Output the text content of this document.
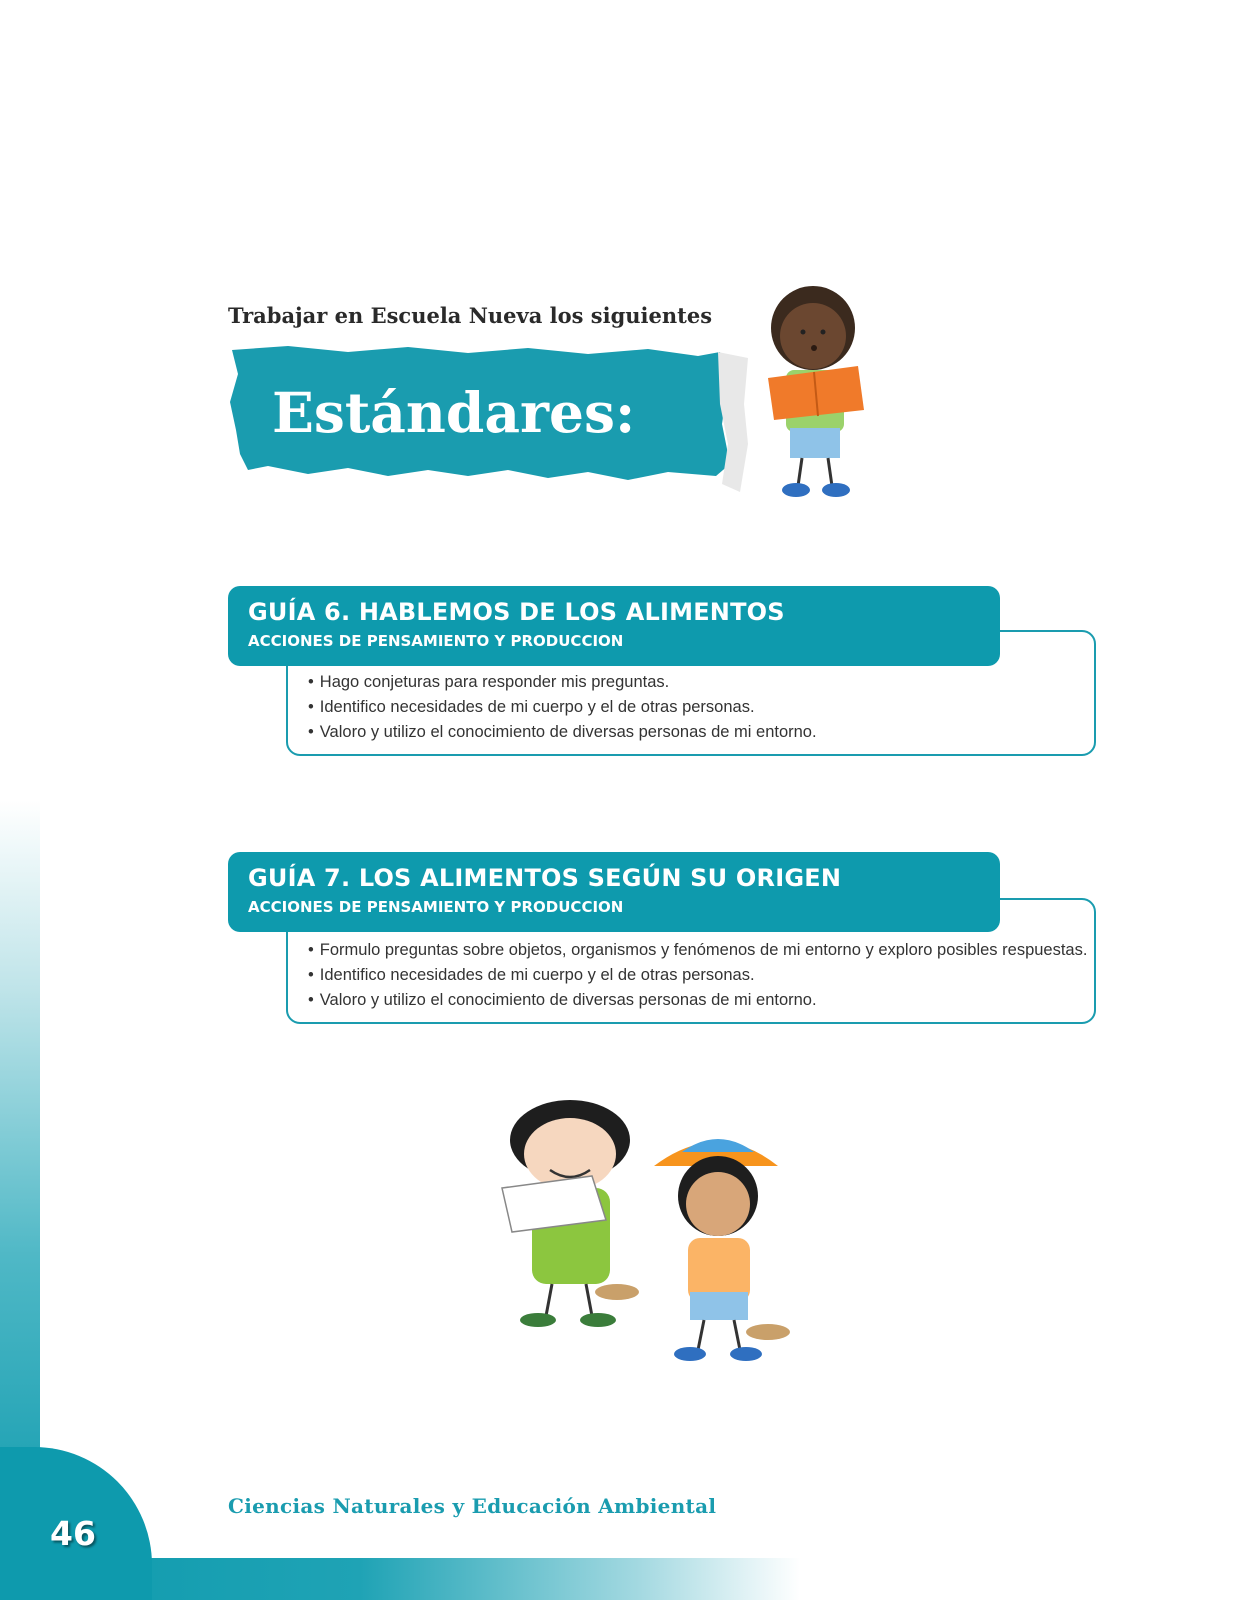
46
Ciencias Naturales y Educación Ambiental
Trabajar en Escuela Nueva los siguientes
Estándares:
• Hago conjeturas para responder mis preguntas.
• Identifico necesidades de mi cuerpo y el de otras personas.
• Valoro y utilizo el conocimiento de diversas personas de mi entorno.
GUÍA 6. HABLEMOS DE LOS ALIMENTOS
ACCIONES DE PENSAMIENTO Y PRODUCCION
• Formulo preguntas sobre objetos, organismos y fenómenos de mi entorno y exploro posibles respuestas.
• Identifico necesidades de mi cuerpo y el de otras personas.
• Valoro y utilizo el conocimiento de diversas personas de mi entorno.
GUÍA 7. LOS ALIMENTOS SEGÚN SU ORIGEN
ACCIONES DE PENSAMIENTO Y PRODUCCION
